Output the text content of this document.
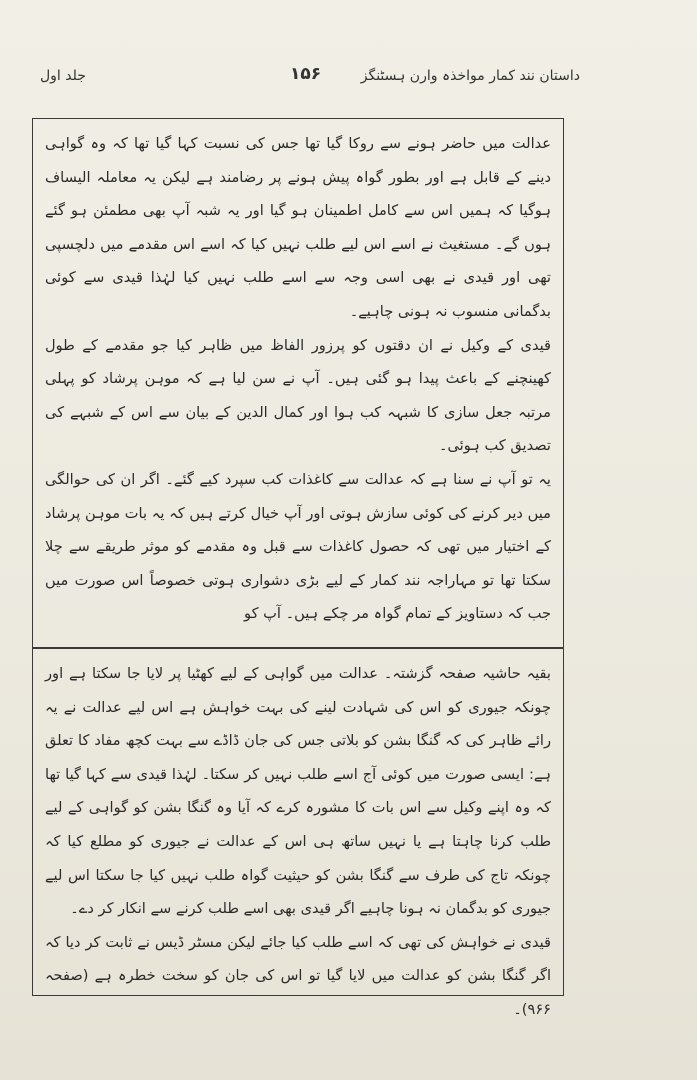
داستان نند کمار مواخذہ وارن ہسٹنگز
۱۵۶
جلد اول

عدالت میں حاضر ہونے سے روکا گیا تھا جس کی نسبت کہا گیا تھا کہ وہ گواہی دینے کے قابل ہے اور بطور گواہ پیش ہونے پر رضامند ہے لیکن یہ معاملہ الیساف ہوگیا کہ ہمیں اس سے کامل اطمینان ہو گیا اور یہ شبہ آپ بھی مطمئن ہو گئے ہوں گے۔ مستغیث نے اسے اس لیے طلب نہیں کیا کہ اسے اس مقدمے میں دلچسپی تھی اور قیدی نے بھی اسی وجہ سے اسے طلب نہیں کیا لہٰذا قیدی سے کوئی بدگمانی منسوب نہ ہونی چاہیے۔

قیدی کے وکیل نے ان دقتوں کو پرزور الفاظ میں ظاہر کیا جو مقدمے کے طول کھینچنے کے باعث پیدا ہو گئی ہیں۔ آپ نے سن لیا ہے کہ موہن پرشاد کو پہلی مرتبہ جعل سازی کا شبہہ کب ہوا اور کمال الدین کے بیان سے اس کے شبہے کی تصدیق کب ہوئی۔

یہ تو آپ نے سنا ہے کہ عدالت سے کاغذات کب سپرد کیے گئے۔ اگر ان کی حوالگی میں دیر کرنے کی کوئی سازش ہوتی اور آپ خیال کرتے ہیں کہ یہ بات موہن پرشاد کے اختیار میں تھی کہ حصول کاغذات سے قبل وہ مقدمے کو موثر طریقے سے چلا سکتا تھا تو مہاراجہ نند کمار کے لیے بڑی دشواری ہوتی خصوصاً اس صورت میں جب کہ دستاویز کے تمام گواہ مر چکے ہیں۔ آپ کو

بقیہ حاشیہ صفحہ گزشتہ۔ عدالت میں گواہی کے لیے کھٹیا پر لایا جا سکتا ہے اور چونکہ جیوری کو اس کی شہادت لینے کی بہت خواہش ہے اس لیے عدالت نے یہ رائے ظاہر کی کہ گنگا بشن کو بلاتی جس کی جان ڈاڈے سے بہت کچھ مفاد کا تعلق ہے: ایسی صورت میں کوئی آج اسے طلب نہیں کر سکتا۔ لہٰذا قیدی سے کہا گیا تھا کہ وہ اپنے وکیل سے اس بات کا مشورہ کرے کہ آیا وہ گنگا بشن کو گواہی کے لیے طلب کرنا چاہتا ہے یا نہیں ساتھ ہی اس کے عدالت نے جیوری کو مطلع کیا کہ چونکہ تاج کی طرف سے گنگا بشن کو حیثیت گواہ طلب نہیں کیا جا سکتا اس لیے جیوری کو بدگمان نہ ہونا چاہیے اگر قیدی بھی اسے طلب کرنے سے انکار کر دے۔

قیدی نے خواہش کی تھی کہ اسے طلب کیا جائے لیکن مسٹر ڈیس نے ثابت کر دیا کہ اگر گنگا بشن کو عدالت میں لایا گیا تو اس کی جان کو سخت خطرہ ہے (صفحہ ۹۶۶)۔
